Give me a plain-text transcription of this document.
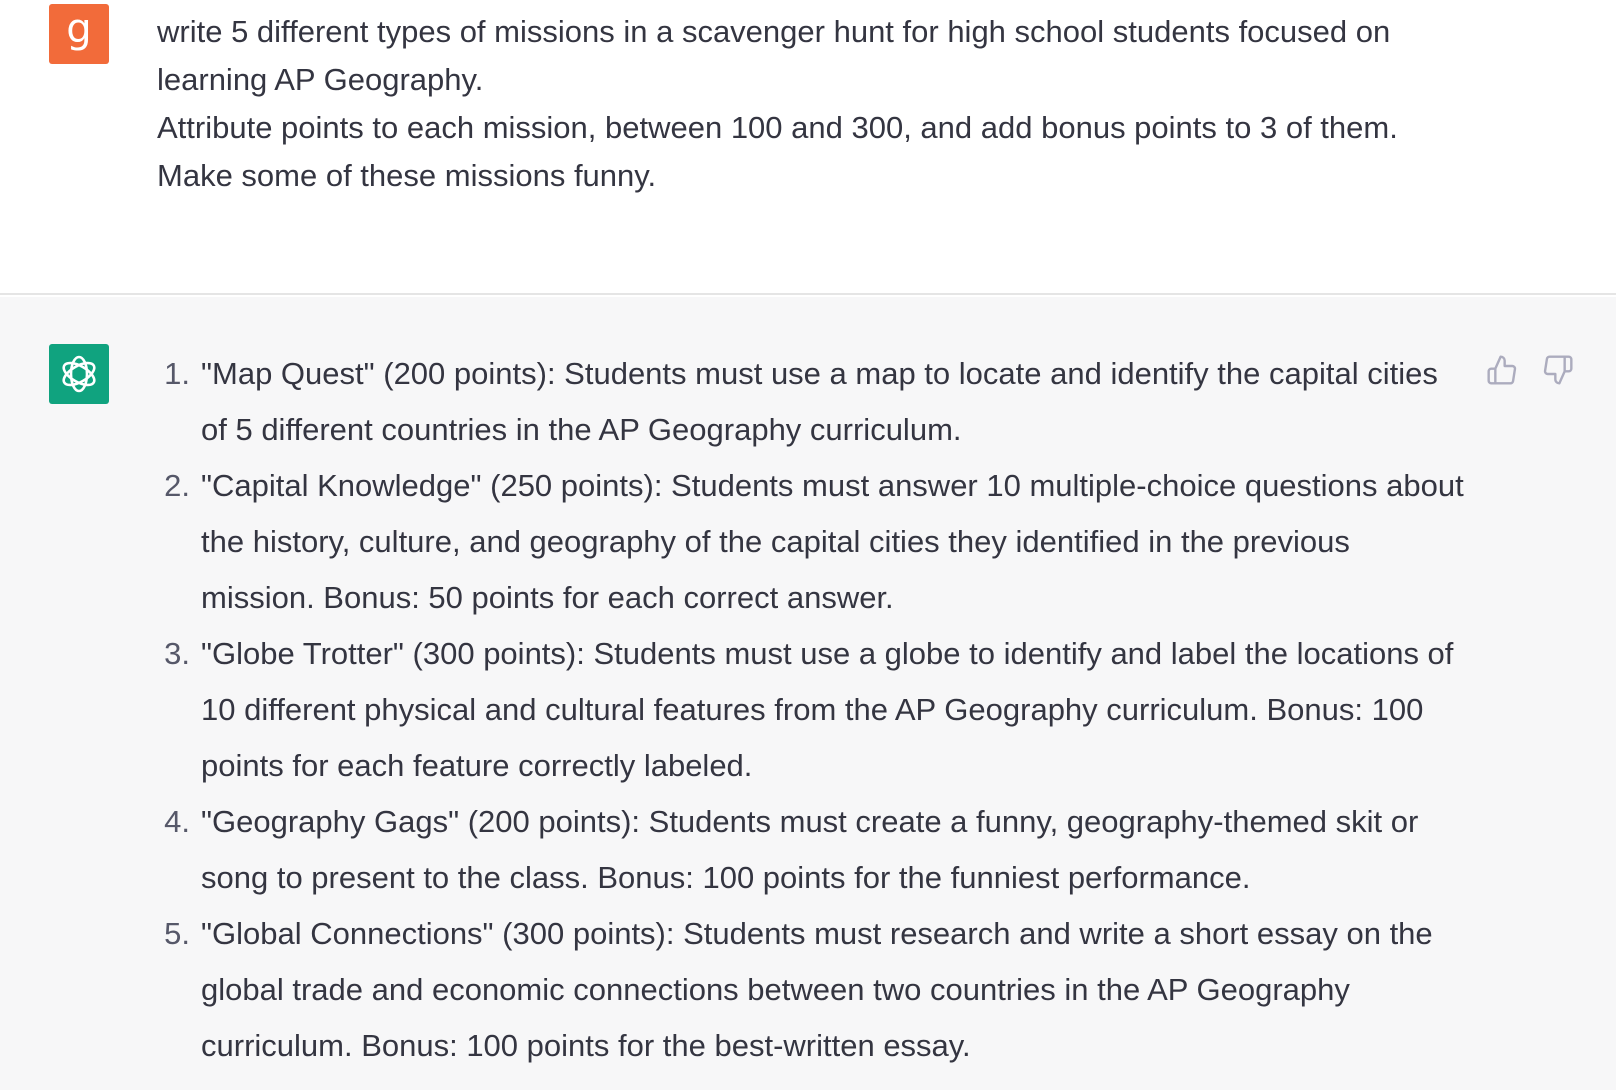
g write 5 different types of missions in a scavenger hunt for high school students focused on learning AP Geography.

Attribute points to each mission, between 100 and 300, and add bonus points to 3 of them.

Make some of these missions funny.

1. "Map Quest" (200 points): Students must use a map to locate and identify the capital cities of 5 different countries in the AP Geography curriculum.
2. "Capital Knowledge" (250 points): Students must answer 10 multiple-choice questions about the history, culture, and geography of the capital cities they identified in the previous mission. Bonus: 50 points for each correct answer.
3. "Globe Trotter" (300 points): Students must use a globe to identify and label the locations of 10 different physical and cultural features from the AP Geography curriculum. Bonus: 100 points for each feature correctly labeled.
4. "Geography Gags" (200 points): Students must create a funny, geography-themed skit or song to present to the class. Bonus: 100 points for the funniest performance.
5. "Global Connections" (300 points): Students must research and write a short essay on the global trade and economic connections between two countries in the AP Geography curriculum. Bonus: 100 points for the best-written essay.
